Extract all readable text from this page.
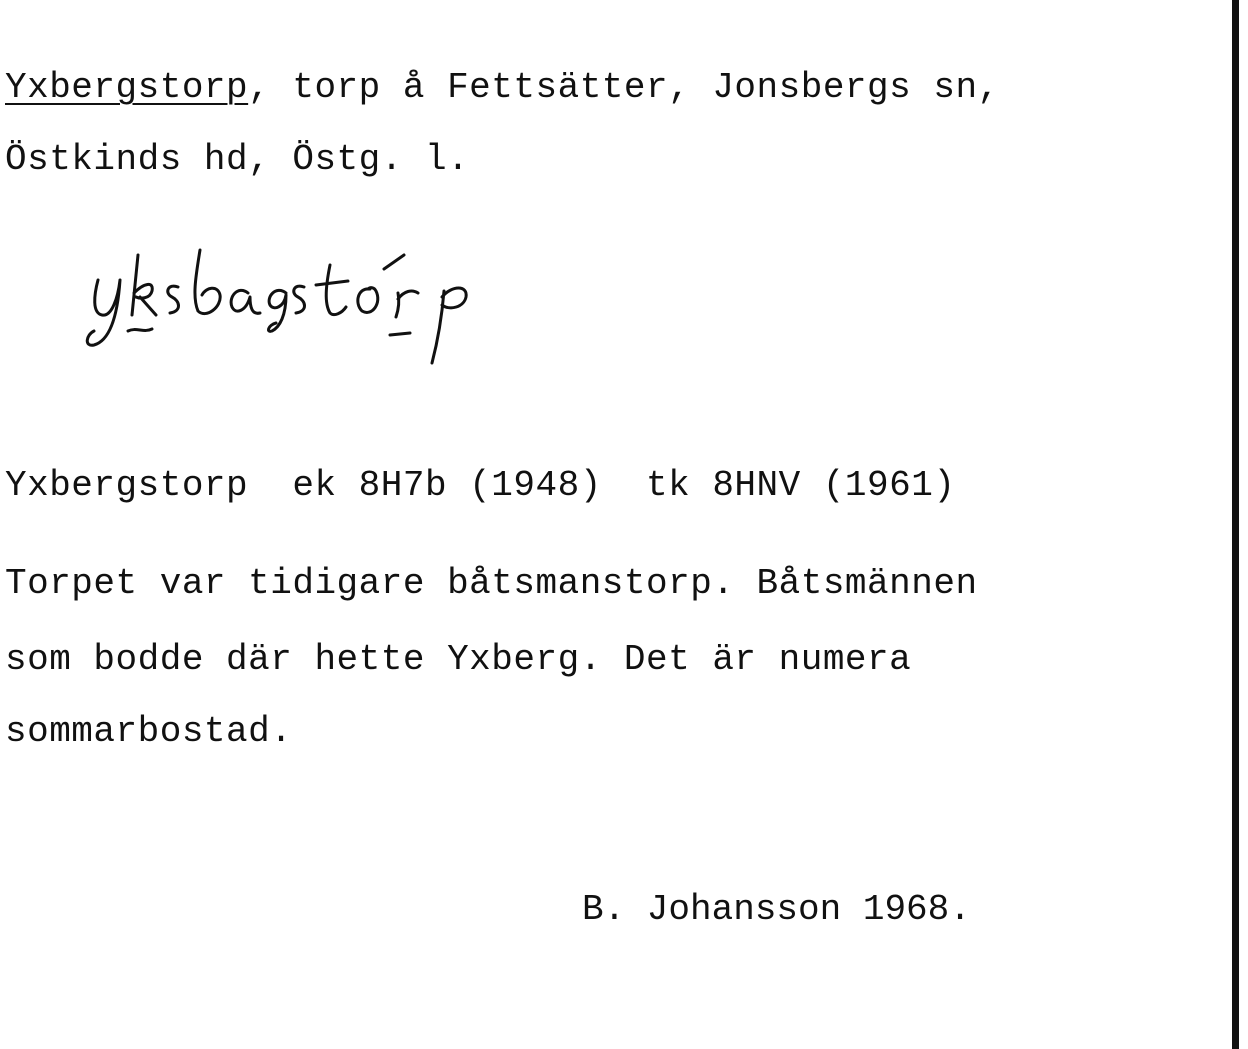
Yxbergstorp, torp å Fettsätter, Jonsbergs sn,
Östkinds hd, Östg. l.
Yxbergstorp  ek 8H7b (1948)  tk 8HNV (1961)
Torpet var tidigare båtsmanstorp. Båtsmännen
som bodde där hette Yxberg. Det är numera
sommarbostad.
B. Johansson 1968.
